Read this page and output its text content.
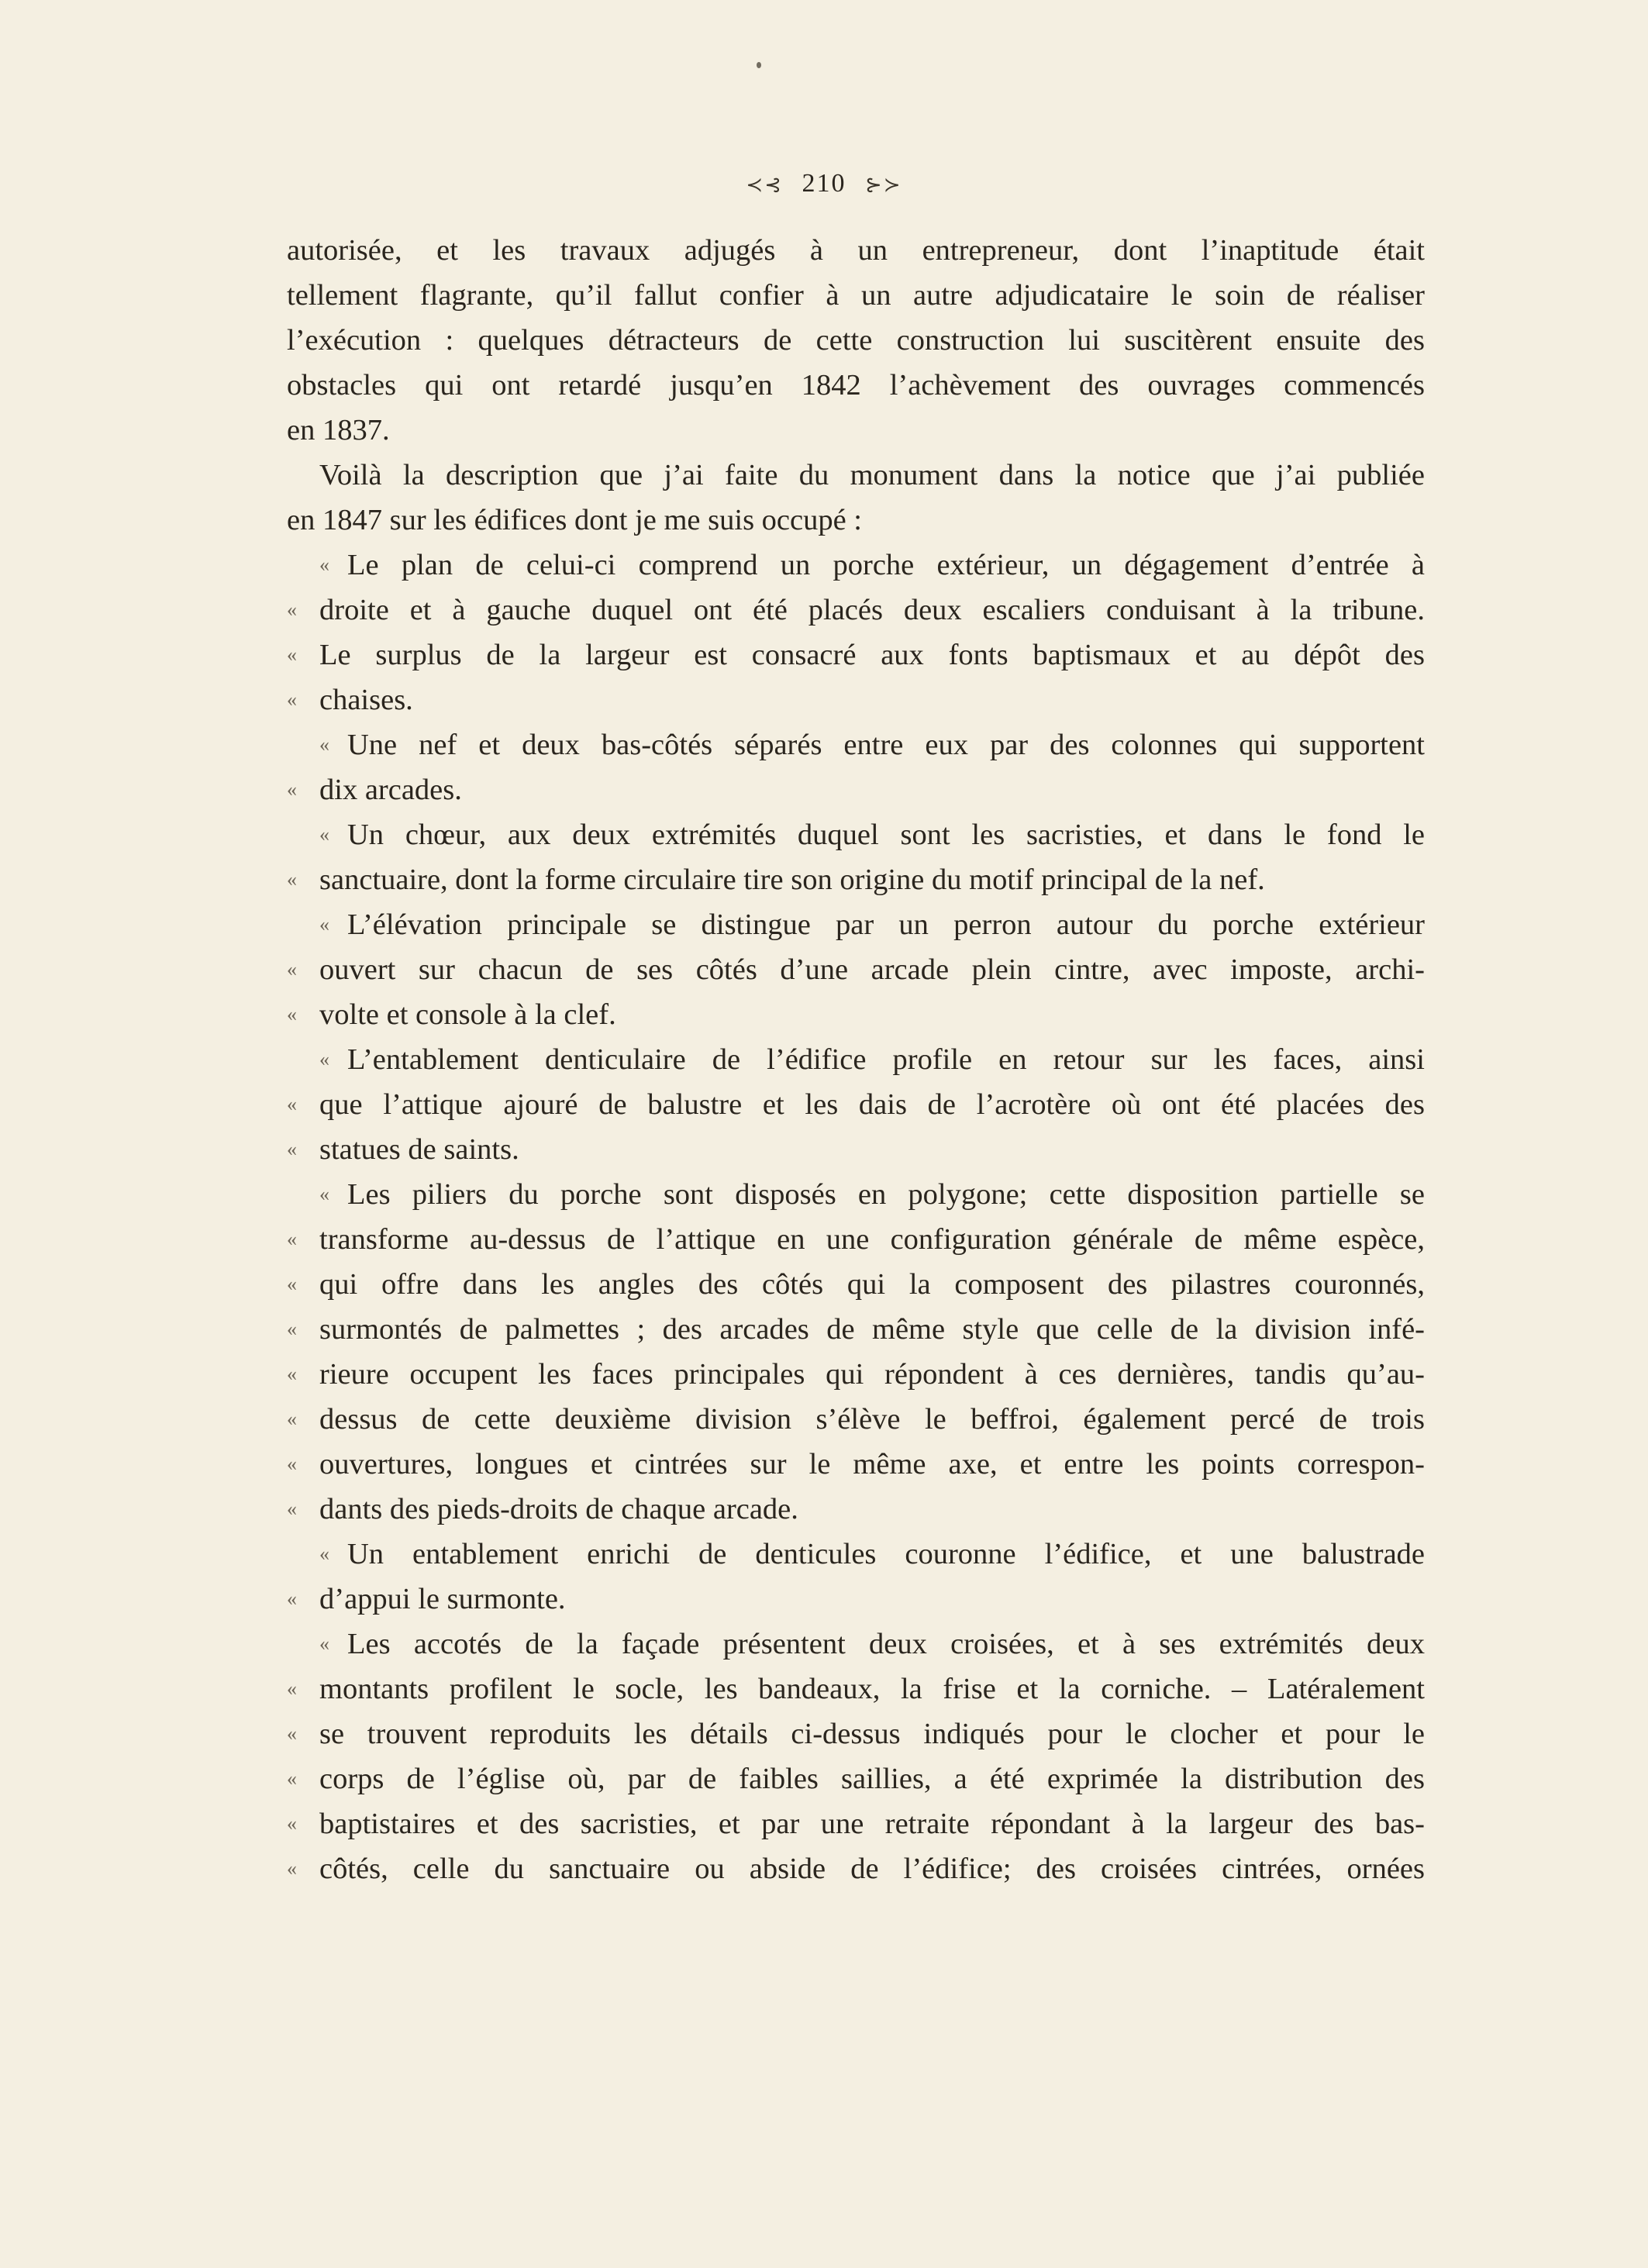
≺⊰ 210 ⊱≻
autorisée, et les travaux adjugés à un entrepreneur, dont l’inaptitude était
tellement flagrante, qu’il fallut confier à un autre adjudicataire le soin de réaliser
l’exécution : quelques détracteurs de cette construction lui suscitèrent ensuite des
obstacles qui ont retardé jusqu’en 1842 l’achèvement des ouvrages commencés
en 1837.
Voilà la description que j’ai faite du monument dans la notice que j’ai publiée
en 1847 sur les édifices dont je me suis occupé :
« Le plan de celui-ci comprend un porche extérieur, un dégagement d’entrée à
« droite et à gauche duquel ont été placés deux escaliers conduisant à la tribune.
« Le surplus de la largeur est consacré aux fonts baptismaux et au dépôt des
« chaises.
« Une nef et deux bas-côtés séparés entre eux par des colonnes qui supportent
« dix arcades.
« Un chœur, aux deux extrémités duquel sont les sacristies, et dans le fond le
« sanctuaire, dont la forme circulaire tire son origine du motif principal de la nef.
« L’élévation principale se distingue par un perron autour du porche extérieur
« ouvert sur chacun de ses côtés d’une arcade plein cintre, avec imposte, archi-
« volte et console à la clef.
« L’entablement denticulaire de l’édifice profile en retour sur les faces, ainsi
« que l’attique ajouré de balustre et les dais de l’acrotère où ont été placées des
« statues de saints.
« Les piliers du porche sont disposés en polygone; cette disposition partielle se
« transforme au-dessus de l’attique en une configuration générale de même espèce,
« qui offre dans les angles des côtés qui la composent des pilastres couronnés,
« surmontés de palmettes ; des arcades de même style que celle de la division infé-
« rieure occupent les faces principales qui répondent à ces dernières, tandis qu’au-
« dessus de cette deuxième division s’élève le beffroi, également percé de trois
« ouvertures, longues et cintrées sur le même axe, et entre les points correspon-
« dants des pieds-droits de chaque arcade.
« Un entablement enrichi de denticules couronne l’édifice, et une balustrade
« d’appui le surmonte.
« Les accotés de la façade présentent deux croisées, et à ses extrémités deux
« montants profilent le socle, les bandeaux, la frise et la corniche. – Latéralement
« se trouvent reproduits les détails ci-dessus indiqués pour le clocher et pour le
« corps de l’église où, par de faibles saillies, a été exprimée la distribution des
« baptistaires et des sacristies, et par une retraite répondant à la largeur des bas-
« côtés, celle du sanctuaire ou abside de l’édifice; des croisées cintrées, ornées
